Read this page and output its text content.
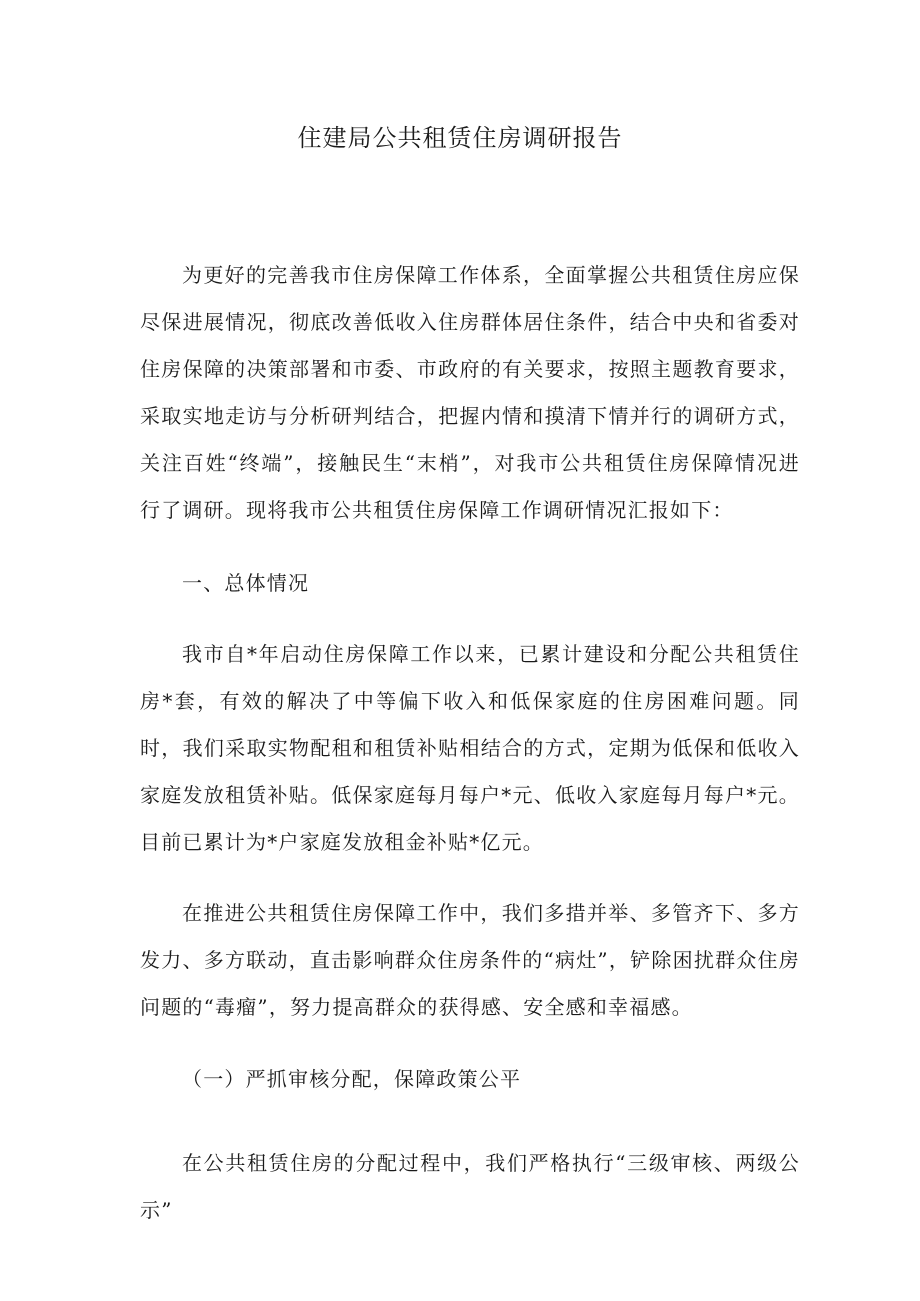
住建局公共租赁住房调研报告

为更好的完善我市住房保障工作体系，全面掌握公共租赁住房应保尽保进展情况，彻底改善低收入住房群体居住条件，结合中央和省委对住房保障的决策部署和市委、市政府的有关要求，按照主题教育要求，采取实地走访与分析研判结合，把握内情和摸清下情并行的调研方式，关注百姓“终端”，接触民生“末梢”，对我市公共租赁住房保障情况进行了调研。现将我市公共租赁住房保障工作调研情况汇报如下：

一、总体情况

我市自*年启动住房保障工作以来，已累计建设和分配公共租赁住房*套，有效的解决了中等偏下收入和低保家庭的住房困难问题。同时，我们采取实物配租和租赁补贴相结合的方式，定期为低保和低收入家庭发放租赁补贴。低保家庭每月每户*元、低收入家庭每月每户*元。目前已累计为*户家庭发放租金补贴*亿元。

在推进公共租赁住房保障工作中，我们多措并举、多管齐下、多方发力、多方联动，直击影响群众住房条件的“病灶”，铲除困扰群众住房问题的“毒瘤”，努力提高群众的获得感、安全感和幸福感。

（一）严抓审核分配，保障政策公平

在公共租赁住房的分配过程中，我们严格执行“三级审核、两级公示”
